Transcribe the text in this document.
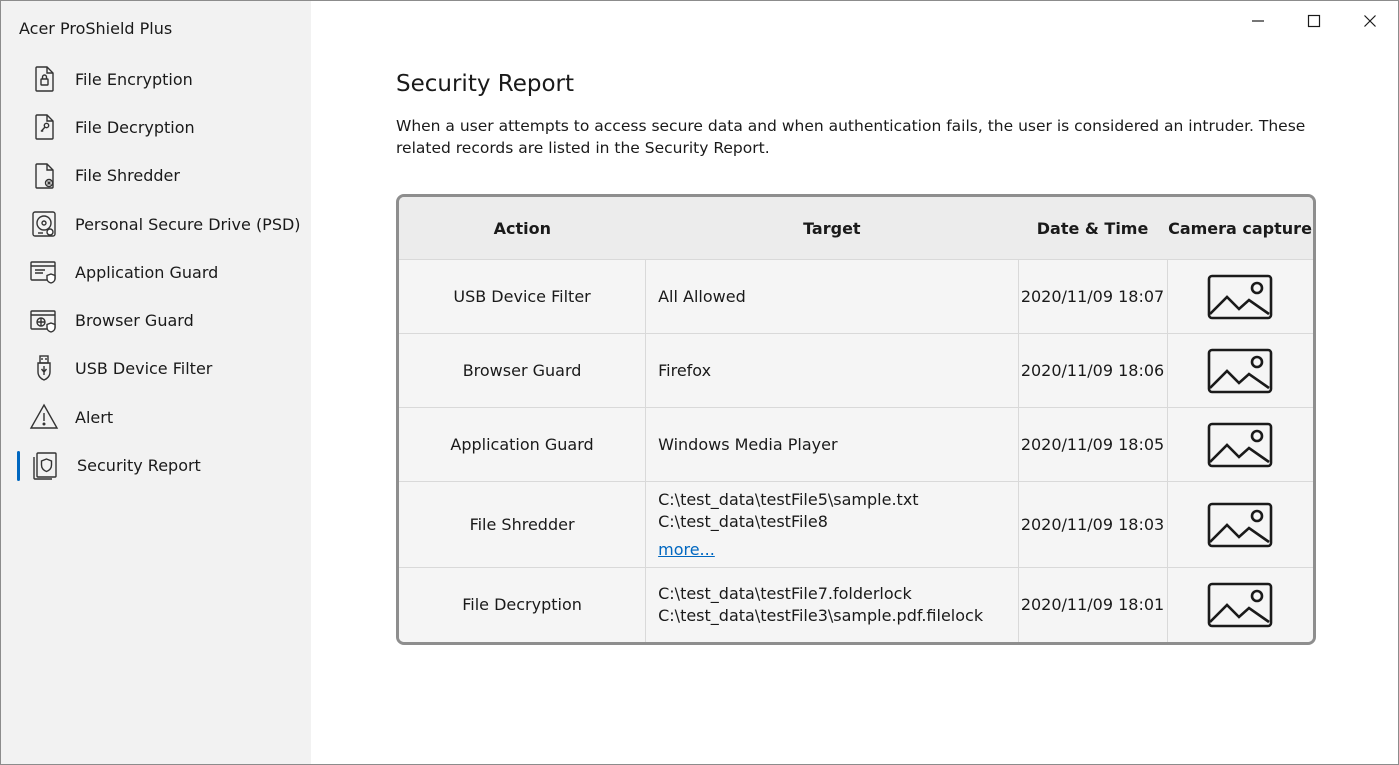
Acer ProShield Plus
File Encryption
File Decryption
File Shredder
Personal Secure Drive (PSD)
Application Guard
Browser Guard
USB Device Filter
Alert
Security Report
Security Report
When a user attempts to access secure data and when authentication fails, the user is considered an intruder. These related records are listed in the Security Report.
Action	Target	Date & Time	Camera capture
USB Device Filter	All Allowed	2020/11/09 18:07	
Browser Guard	Firefox	2020/11/09 18:06	
Application Guard	Windows Media Player	2020/11/09 18:05	
File Shredder	C:\test_data\testFile5\sample.txt
C:\test_data\testFile8
more...	2020/11/09 18:03	
File Decryption	C:\test_data\testFile7.folderlock
C:\test_data\testFile3\sample.pdf.filelock	2020/11/09 18:01	
